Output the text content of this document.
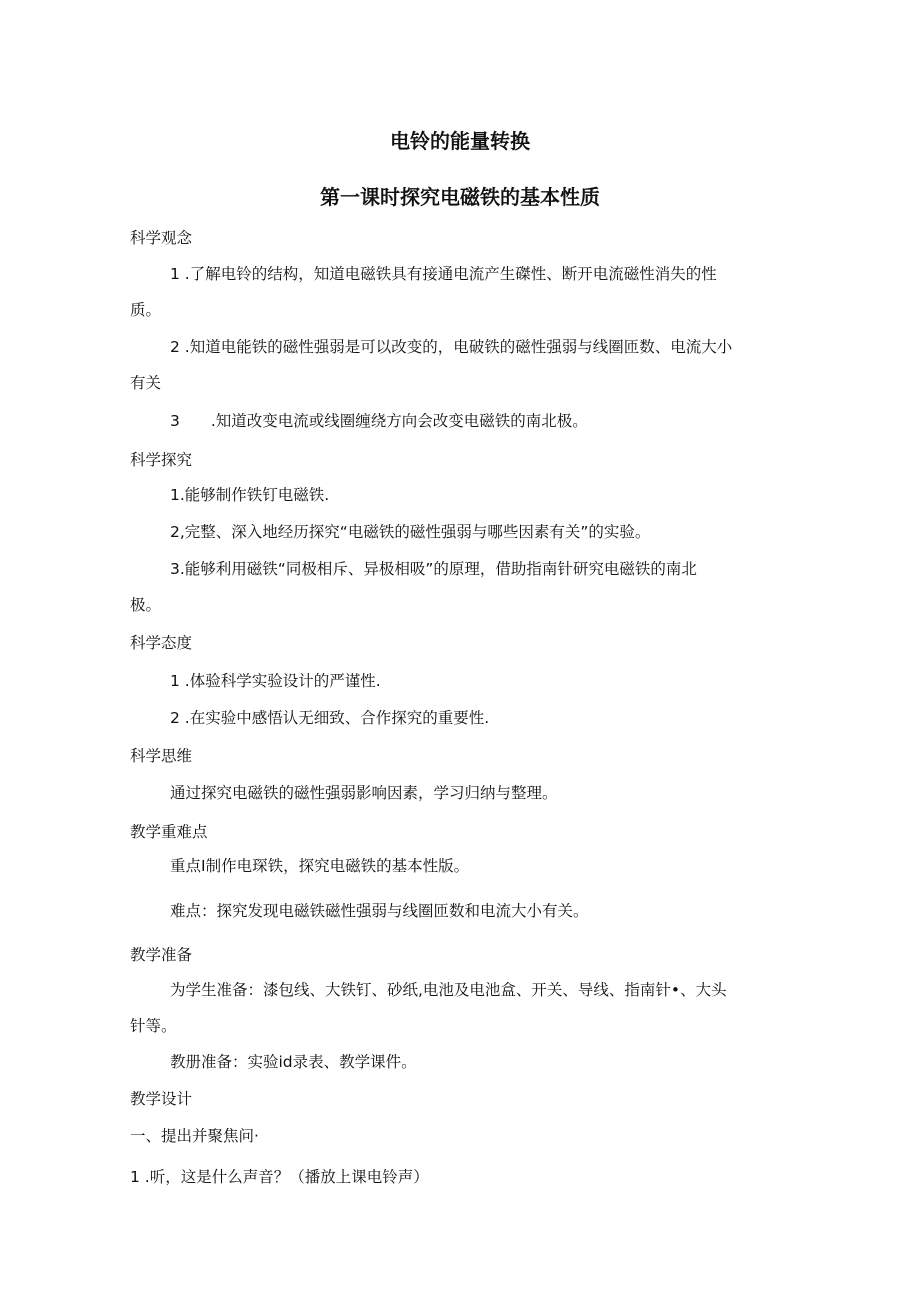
电铃的能量转换
第一课时探究电磁铁的基本性质
科学观念
1 .了解电铃的结构，知道电磁铁具有接通电流产生磔性、断开电流磁性消失的性
质。
2 .知道电能铁的磁性强弱是可以改变的，电破铁的磁性强弱与线圈匝数、电流大小
有关
3　　.知道改变电流或线圈缠绕方向会改变电磁铁的南北极。
科学探究
1.能够制作铁钉电磁铁.
2,完整、深入地经历探究“电磁铁的磁性强弱与哪些因素有关”的实验。
3.能够利用磁铁“同极相斥、异极相吸”的原理，借助指南针研究电磁铁的南北
极。
科学态度
1 .体验科学实验设计的严谨性.
2 .在实验中感悟认无细致、合作探究的重要性.
科学思维
通过探究电磁铁的磁性强弱影响因素，学习归纳与整理。
教学重难点
重点I制作电琛铁，探究电磁铁的基本性版。
难点：探究发现电磁铁磁性强弱与线圈匝数和电流大小有关。
教学准备
为学生准备：漆包线、大铁钉、砂纸,电池及电池盒、开关、导线、指南针•、大头
针等。
教册准备：实验id录表、教学课件。
教学设计
一、提出并聚焦问·
1 .听，这是什么声音？（播放上课电铃声）
